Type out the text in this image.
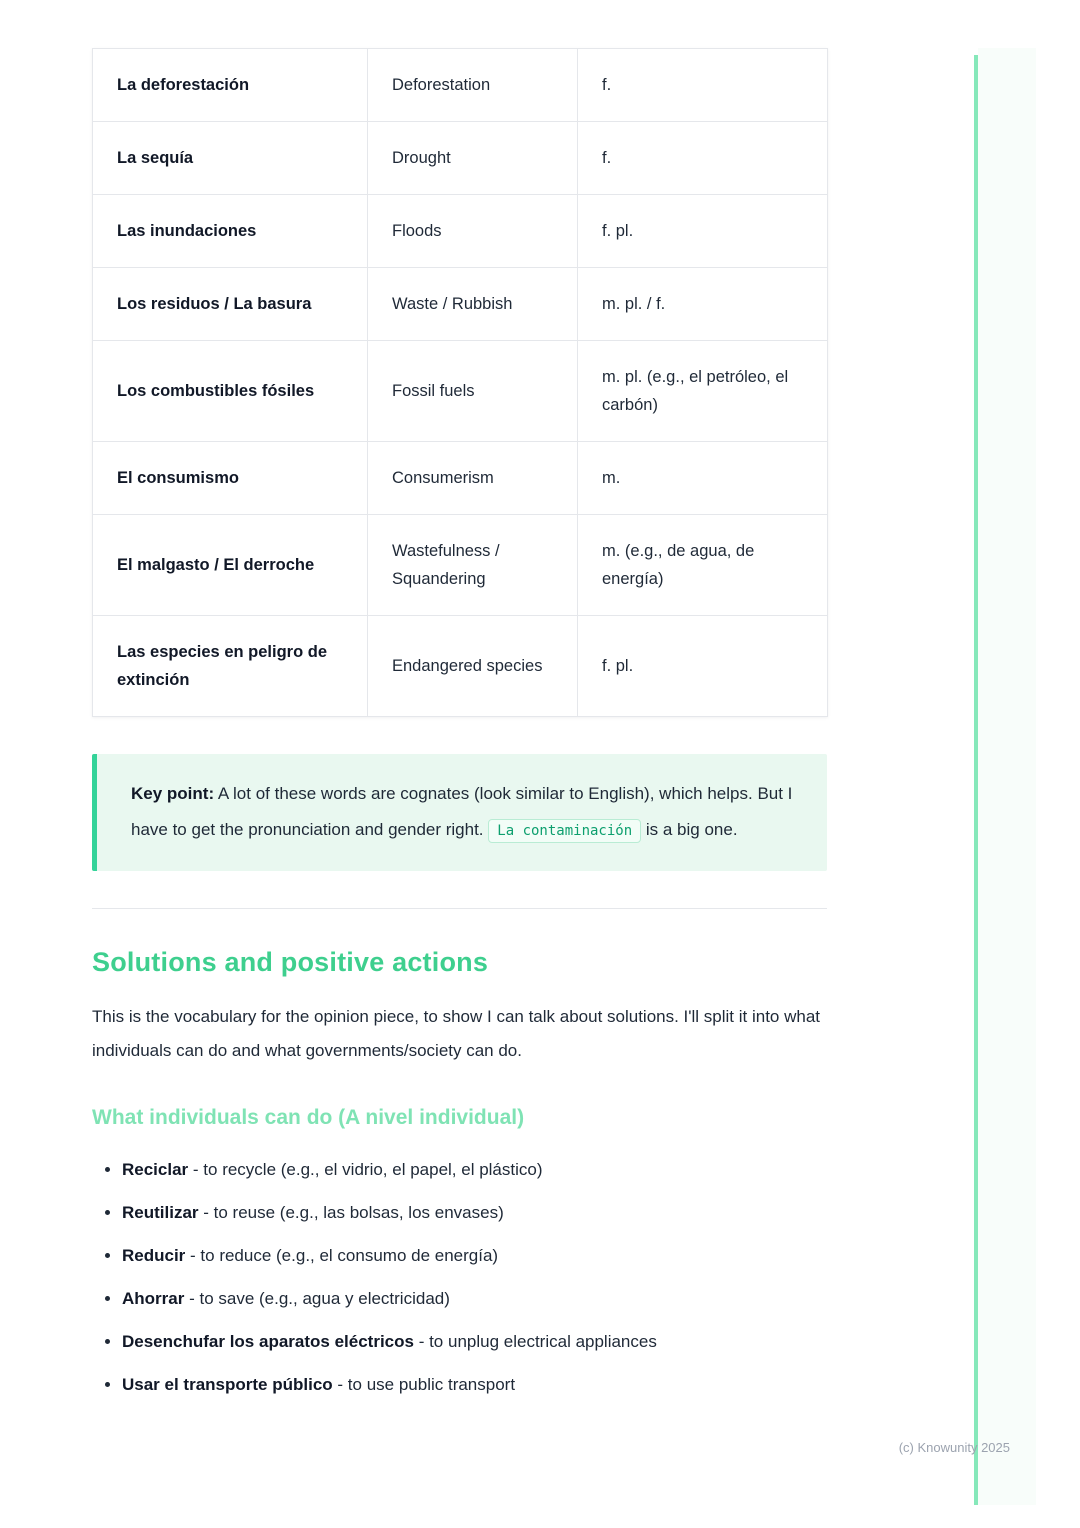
La deforestación	Deforestation	f.
La sequía	Drought	f.
Las inundaciones	Floods	f. pl.
Los residuos / La basura	Waste / Rubbish	m. pl. / f.
Los combustibles fósiles	Fossil fuels	m. pl. (e.g., el petróleo, el carbón)
El consumismo	Consumerism	m.
El malgasto / El derroche	Wastefulness / Squandering	m. (e.g., de agua, de energía)
Las especies en peligro de extinción	Endangered species	f. pl.
Key point: A lot of these words are cognates (look similar to English), which helps. But I have to get the pronunciation and gender right. La contaminación is a big one.
Solutions and positive actions

This is the vocabulary for the opinion piece, to show I can talk about solutions. I'll split it into what individuals can do and what governments/society can do.

What individuals can do (A nivel individual)
• Reciclar - to recycle (e.g., el vidrio, el papel, el plástico)
• Reutilizar - to reuse (e.g., las bolsas, los envases)
• Reducir - to reduce (e.g., el consumo de energía)
• Ahorrar - to save (e.g., agua y electricidad)
• Desenchufar los aparatos eléctricos - to unplug electrical appliances
• Usar el transporte público - to use public transport
(c) Knowunity 2025
